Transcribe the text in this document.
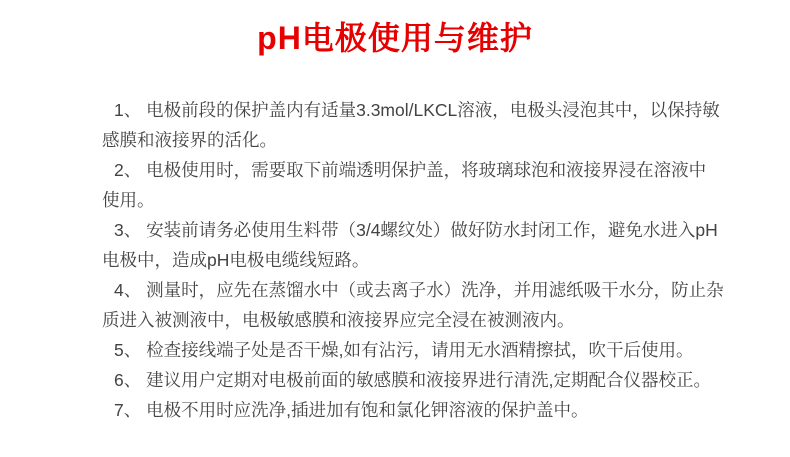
pH电极使用与维护
1、 电极前段的保护盖内有适量3.3mol/LKCL溶液，电极头浸泡其中，以保持敏
感膜和液接界的活化。
2、 电极使用时，需要取下前端透明保护盖，将玻璃球泡和液接界浸在溶液中
使用。
3、 安装前请务必使用生料带（3/4螺纹处）做好防水封闭工作，避免水进入pH
电极中，造成pH电极电缆线短路。
4、 测量时，应先在蒸馏水中（或去离子水）洗净，并用滤纸吸干水分，防止杂
质进入被测液中，电极敏感膜和液接界应完全浸在被测液内。
5、 检查接线端子处是否干燥,如有沾污，请用无水酒精擦拭，吹干后使用。
6、 建议用户定期对电极前面的敏感膜和液接界进行清洗,定期配合仪器校正。
7、 电极不用时应洗净,插进加有饱和氯化钾溶液的保护盖中。
